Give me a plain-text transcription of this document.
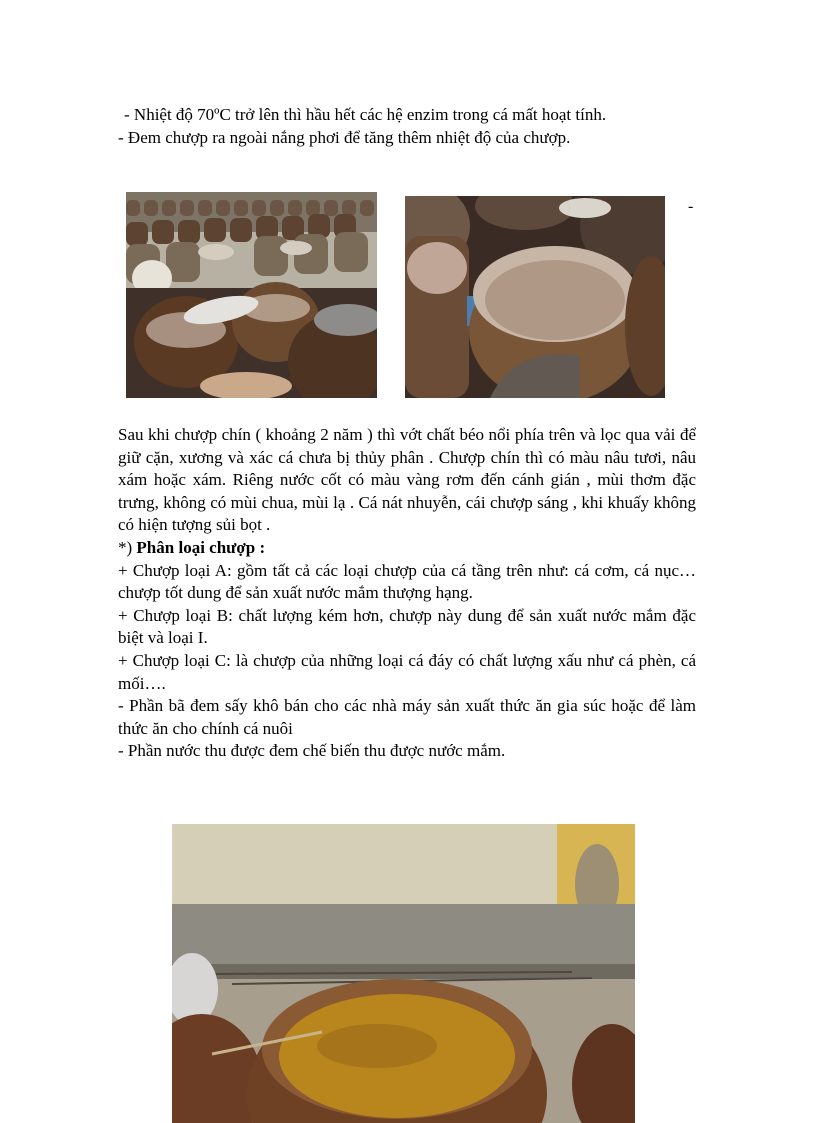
- Nhiệt độ 70ºC trở lên thì hầu hết các hệ enzim trong cá mất hoạt tính.
- Đem chượp ra ngoài nắng phơi để tăng thêm nhiệt độ của chượp.
-

Sau khi chượp chín ( khoảng 2 năm ) thì vớt chất béo nổi phía trên và lọc qua vải để giữ cặn, xương và xác cá chưa bị thủy phân . Chượp chín thì có màu nâu tươi, nâu xám hoặc xám. Riêng nước cốt có màu vàng rơm đến cánh gián , mùi thơm đặc trưng, không có mùi chua, mùi lạ . Cá nát nhuyễn, cái chượp sáng , khi khuấy không có hiện tượng sủi bọt .

*) Phân loại chượp :

+ Chượp loại A: gồm tất cả các loại chượp của cá tầng trên như: cá cơm, cá nục…chượp tốt dung để sản xuất nước mắm thượng hạng.

+ Chượp loại B: chất lượng kém hơn, chượp này dung để sản xuất nước mắm đặc biệt và loại I.

+ Chượp loại C: là chượp của những loại cá đáy có chất lượng xấu như cá phèn, cá mối….

- Phần bã đem sấy khô bán cho các nhà máy sản xuất thức ăn gia súc hoặc để làm thức ăn cho chính cá nuôi

- Phần nước thu được đem chế biến thu được nước mắm.
